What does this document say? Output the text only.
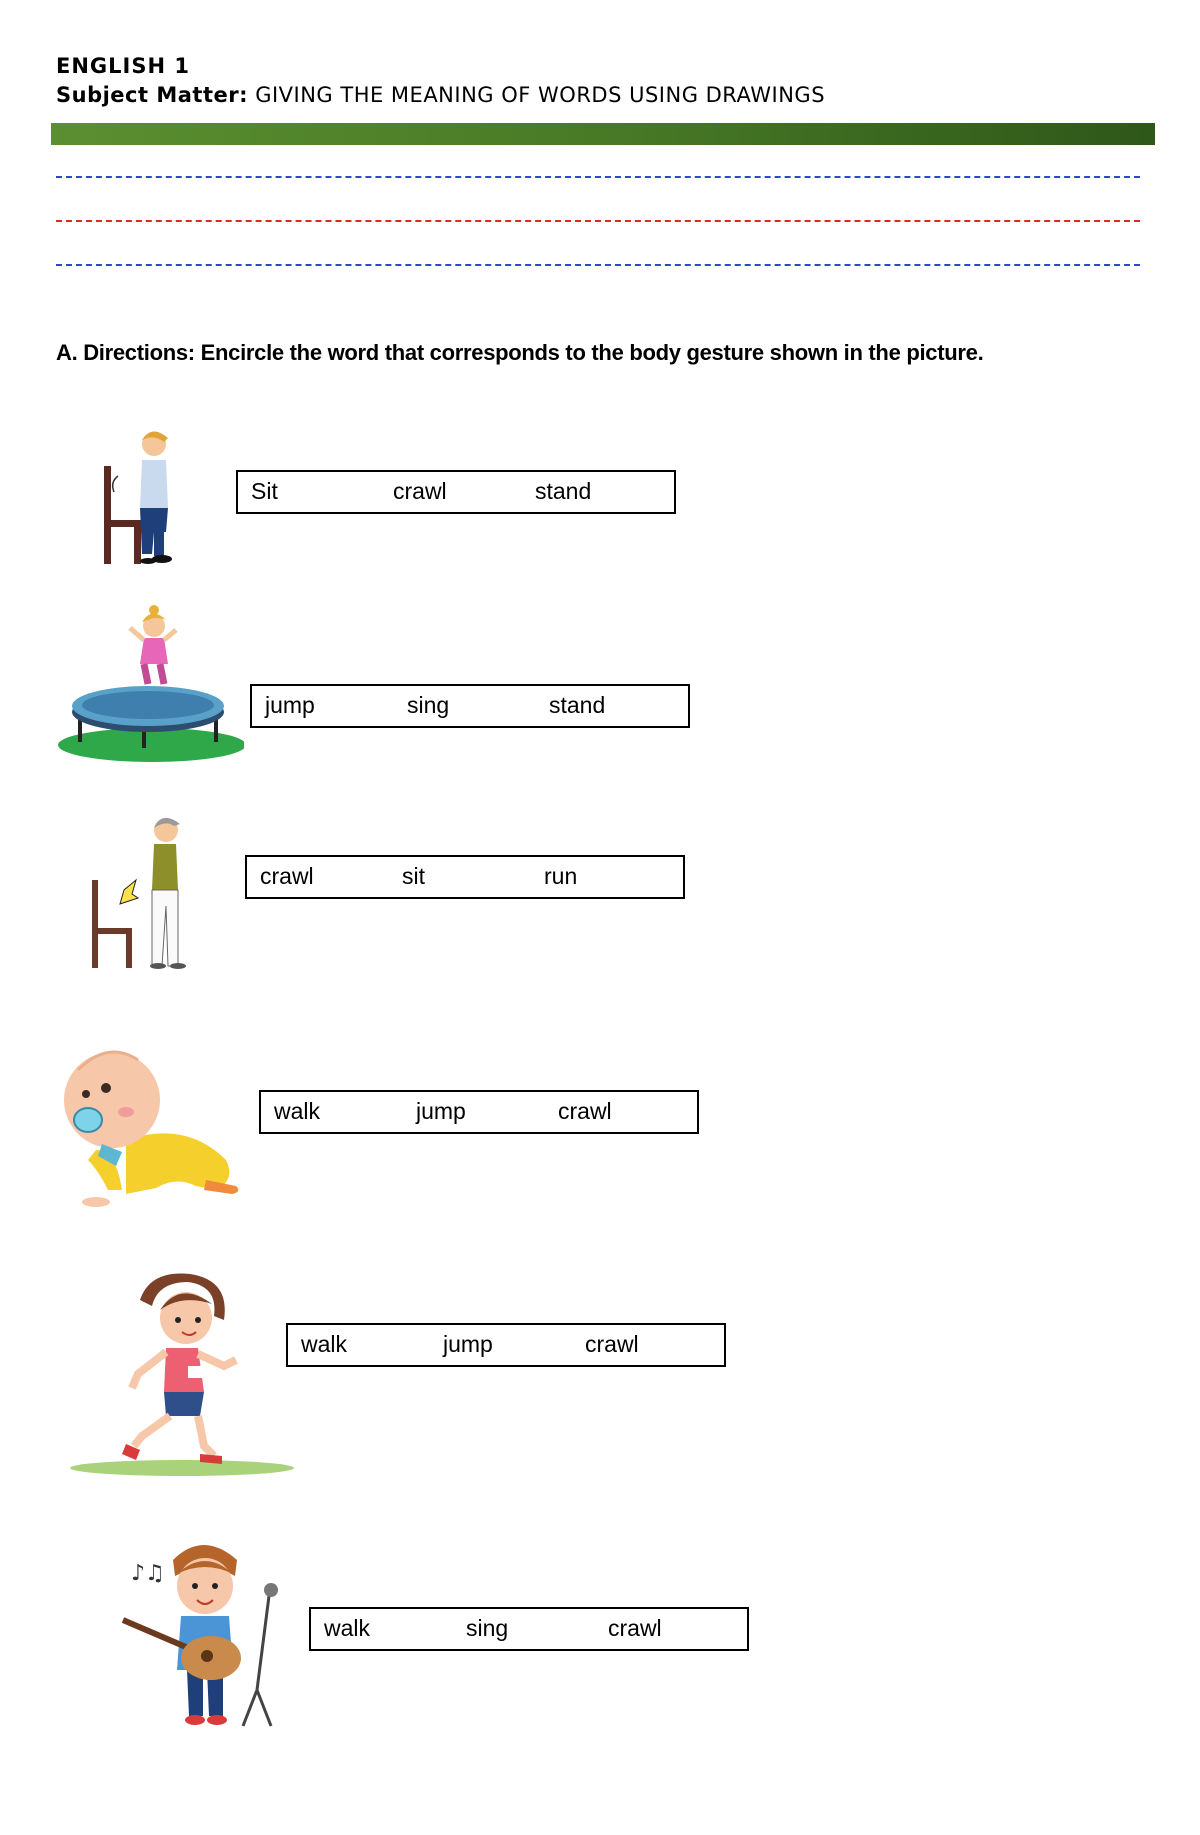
ENGLISH 1
Subject Matter: GIVING THE MEANING OF WORDS USING DRAWINGS
A. Directions: Encircle the word that corresponds to the body gesture shown in the picture.
Sit	crawl	stand
jump	sing	stand
crawl	sit	run
walk	jump	crawl
walk	jump	crawl
♪♫
walk	sing	crawl
